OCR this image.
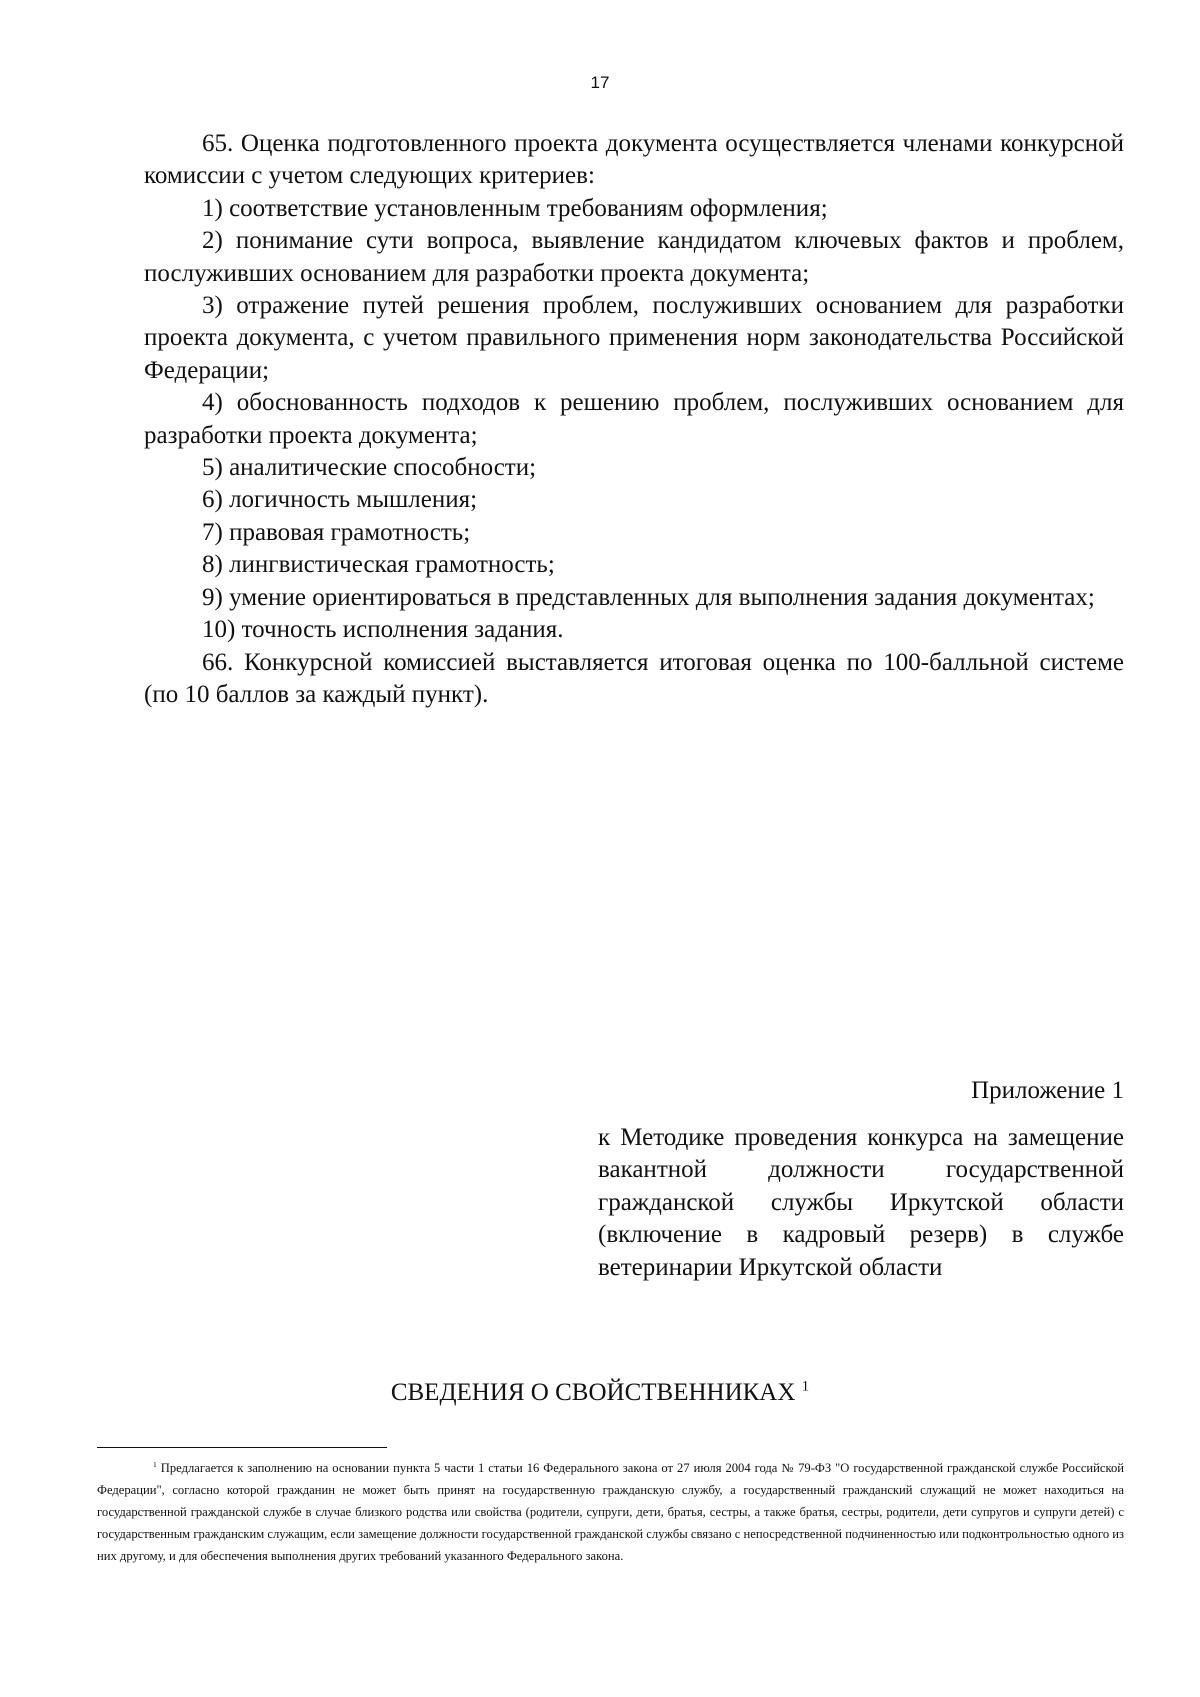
17

65. Оценка подготовленного проекта документа осуществляется членами конкурсной комиссии с учетом следующих критериев:

1) соответствие установленным требованиям оформления;

2) понимание сути вопроса, выявление кандидатом ключевых фактов и проблем, послуживших основанием для разработки проекта документа;

3) отражение путей решения проблем, послуживших основанием для разработки проекта документа, с учетом правильного применения норм законодательства Российской Федерации;

4) обоснованность подходов к решению проблем, послуживших основанием для разработки проекта документа;

5) аналитические способности;

6) логичность мышления;

7) правовая грамотность;

8) лингвистическая грамотность;

9) умение ориентироваться в представленных для выполнения задания документах;

10) точность исполнения задания.

66. Конкурсной комиссией выставляется итоговая оценка по 100-балльной системе (по 10 баллов за каждый пункт).

Приложение 1

к Методике проведения конкурса на замещение вакантной должности государственной гражданской службы Иркутской области (включение в кадровый резерв) в службе ветеринарии Иркутской области

СВЕДЕНИЯ О СВОЙСТВЕННИКАХ $^1$

$^1$ Предлагается к заполнению на основании пункта 5 части 1 статьи 16 Федерального закона от 27 июля 2004 года № 79-ФЗ "О государственной гражданской службе Российской Федерации", согласно которой гражданин не может быть принят на государственную гражданскую службу, а государственный гражданский служащий не может находиться на государственной гражданской службе в случае близкого родства или свойства (родители, супруги, дети, братья, сестры, а также братья, сестры, родители, дети супругов и супруги детей) с государственным гражданским служащим, если замещение должности государственной гражданской службы связано с непосредственной подчиненностью или подконтрольностью одного из них другому, и для обеспечения выполнения других требований указанного Федерального закона.
